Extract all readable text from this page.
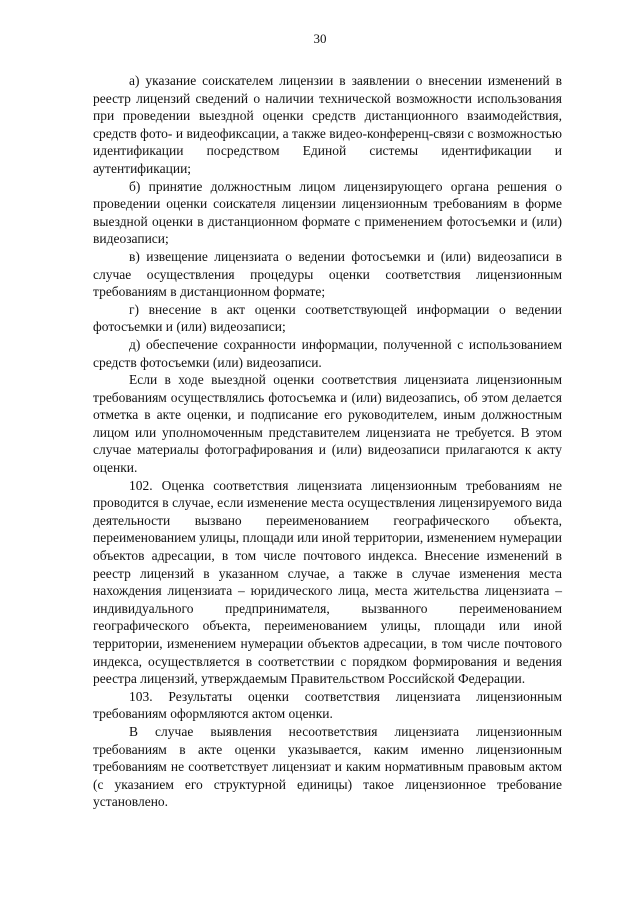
30

а) указание соискателем лицензии в заявлении о внесении изменений в реестр лицензий сведений о наличии технической возможности использования при проведении выездной оценки средств дистанционного взаимодействия, средств фото- и видеофиксации, а также видео-конференц-связи с возможностью идентификации посредством Единой системы идентификации и аутентификации;

б) принятие должностным лицом лицензирующего органа решения о проведении оценки соискателя лицензии лицензионным требованиям в форме выездной оценки в дистанционном формате с применением фотосъемки и (или) видеозаписи;

в) извещение лицензиата о ведении фотосъемки и (или) видеозаписи в случае осуществления процедуры оценки соответствия лицензионным требованиям в дистанционном формате;

г) внесение в акт оценки соответствующей информации о ведении фотосъемки и (или) видеозаписи;

д) обеспечение сохранности информации, полученной с использованием средств фотосъемки (или) видеозаписи.

Если в ходе выездной оценки соответствия лицензиата лицензионным требованиям осуществлялись фотосъемка и (или) видеозапись, об этом делается отметка в акте оценки, и подписание его руководителем, иным должностным лицом или уполномоченным представителем лицензиата не требуется. В этом случае материалы фотографирования и (или) видеозаписи прилагаются к акту оценки.

102. Оценка соответствия лицензиата лицензионным требованиям не проводится в случае, если изменение места осуществления лицензируемого вида деятельности вызвано переименованием географического объекта, переименованием улицы, площади или иной территории, изменением нумерации объектов адресации, в том числе почтового индекса. Внесение изменений в реестр лицензий в указанном случае, а также в случае изменения места нахождения лицензиата – юридического лица, места жительства лицензиата – индивидуального предпринимателя, вызванного переименованием географического объекта, переименованием улицы, площади или иной территории, изменением нумерации объектов адресации, в том числе почтового индекса, осуществляется в соответствии с порядком формирования и ведения реестра лицензий, утверждаемым Правительством Российской Федерации.

103. Результаты оценки соответствия лицензиата лицензионным требованиям оформляются актом оценки.

В случае выявления несоответствия лицензиата лицензионным требованиям в акте оценки указывается, каким именно лицензионным требованиям не соответствует лицензиат и каким нормативным правовым актом (с указанием его структурной единицы) такое лицензионное требование установлено.
